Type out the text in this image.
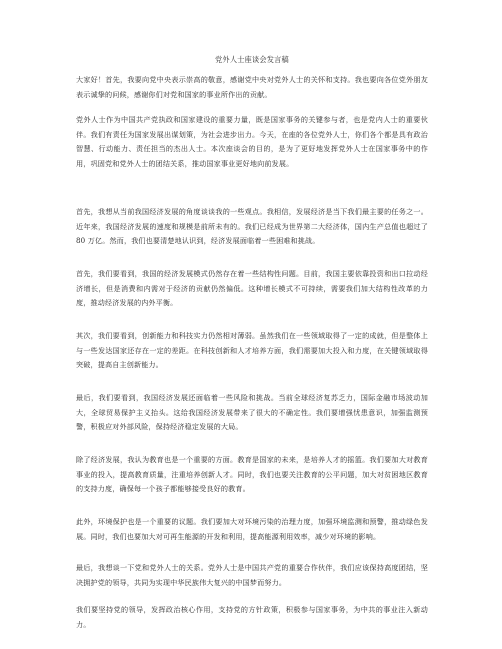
党外人士座谈会发言稿

大家好！首先，我要向党中央表示崇高的敬意，感谢党中央对党外人士的关怀和支持。我也要向各位党外朋友表示诚挚的问候，感谢你们对党和国家的事业所作出的贡献。

党外人士作为中国共产党执政和国家建设的重要力量，既是国家事务的关键参与者，也是党内人士的重要伙伴。我们有责任为国家发展出谋划策，为社会进步出力。今天，在座的各位党外人士，你们各个都是具有政治智慧、行动能力、责任担当的杰出人士。本次座谈会的目的，是为了更好地发挥党外人士在国家事务中的作用，巩固党和党外人士的团结关系，推动国家事业更好地向前发展。

首先，我想从当前我国经济发展的角度谈谈我的一些观点。我相信，发展经济是当下我们最主要的任务之一。近年来，我国经济发展的速度和规模是前所未有的。我们已经成为世界第二大经济体，国内生产总值也超过了 80 万亿。然而，我们也要清楚地认识到，经济发展面临着一些困难和挑战。

首先，我们要看到，我国的经济发展模式仍然存在着一些结构性问题。目前，我国主要依靠投资和出口拉动经济增长，但是消费和内需对于经济的贡献仍然偏低。这种增长模式不可持续，需要我们加大结构性改革的力度，推动经济发展的内外平衡。

其次，我们要看到，创新能力和科技实力仍然相对薄弱。虽然我们在一些领域取得了一定的成就，但是整体上与一些发达国家还存在一定的差距。在科技创新和人才培养方面，我们需要加大投入和力度，在关键领域取得突破，提高自主创新能力。

最后，我们要看到，我国经济发展还面临着一些风险和挑战。当前全球经济复苏乏力，国际金融市场波动加大，全球贸易保护主义抬头。这给我国经济发展带来了很大的不确定性。我们要增强忧患意识，加强监测预警，积极应对外部风险，保持经济稳定发展的大局。

除了经济发展，我认为教育也是一个重要的方面。教育是国家的未来，是培养人才的摇篮。我们要加大对教育事业的投入，提高教育质量，注重培养创新人才。同时，我们也要关注教育的公平问题，加大对贫困地区教育的支持力度，确保每一个孩子都能够接受良好的教育。

此外，环境保护也是一个重要的议题。我们要加大对环境污染的治理力度，加强环境监测和预警，推动绿色发展。同时，我们也要加大对可再生能源的开发和利用，提高能源利用效率，减少对环境的影响。

最后，我想谈一下党和党外人士的关系。党外人士是中国共产党的重要合作伙伴，我们应该保持高度团结，坚决拥护党的领导，共同为实现中华民族伟大复兴的中国梦而努力。

我们要坚持党的领导，发挥政治核心作用，支持党的方针政策，积极参与国家事务，为中共的事业注入新动力。
